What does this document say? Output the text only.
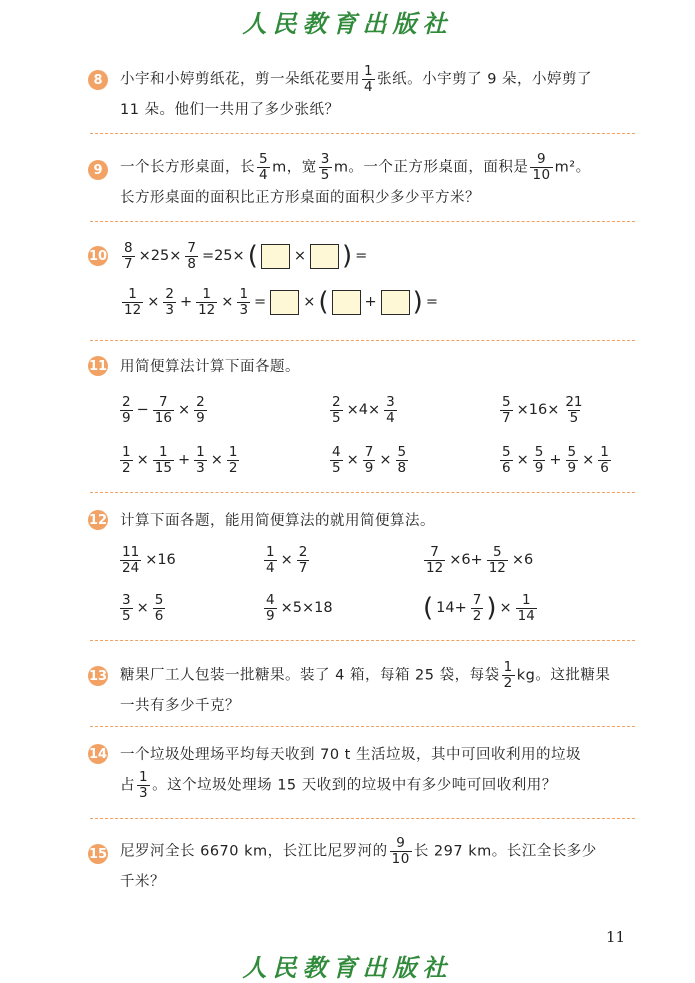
人民教育出版社
8	小宇和小婷剪纸花，剪一朵纸花要用 $\frac{1}{4}$ 张纸。小宇剪了 9 朵，小婷剪了
11 朵。他们一共用了多少张纸？
9	一个长方形桌面，长 $\frac{5}{4}$ m，宽 $\frac{3}{5}$ m。一个正方形桌面，面积是 $\frac{9}{10} m^2$。
长方形桌面的面积比正方形桌面的面积少多少平方米？
$10 \frac{8}{7} \times 25\times \frac{7}{8} =25\times$ ( × ) =
$\frac{1}{12} \times \frac{2}{3} + \frac{1}{12} \times \frac{1}{3}$ =	× ( + ) =
11 用简便算法计算下面各题。
$\frac{2}{9} - \frac{7}{16} \times \frac{2}{9}$	$\frac{2}{5} \times 4\times \frac{3}{4}$	$\frac{5}{7} \times 16\times \frac{21}{5}$
$\frac{1}{2} \times \frac{1}{15} + \frac{1}{3} \times \frac{1}{2}$	$\frac{4}{5} \times \frac{7}{9} \times \frac{5}{8}$	$\frac{5}{6} \times \frac{5}{9} + \frac{5}{9} \times \frac{1}{6}$
12 计算下面各题，能用简便算法的就用简便算法。
$\frac{11}{24} \times 16$	$\frac{1}{4} \times \frac{2}{7}$	$\frac{7}{12} \times 6+ \frac{5}{12} \times 6$
$\frac{3}{5} \times \frac{5}{6}$	$\frac{4}{9} \times 5\times 18$	( $14+ \frac{7}{2}$ ) × $\frac{1}{14}$
13 糖果厂工人包装一批糖果。装了 4 箱，每箱 25 袋，每袋 $\frac{1}{2}$ kg。这批糖果
一共有多少千克？
14 一个垃圾处理场平均每天收到 70 t 生活垃圾，其中可回收利用的垃圾
占 $\frac{1}{3}$ 。这个垃圾处理场 15 天收到的垃圾中有多少吨可回收利用？
15 尼罗河全长 6670 km，长江比尼罗河的 $\frac{9}{10}$ 长 297 km。长江全长多少
千米？
11
人民教育出版社
